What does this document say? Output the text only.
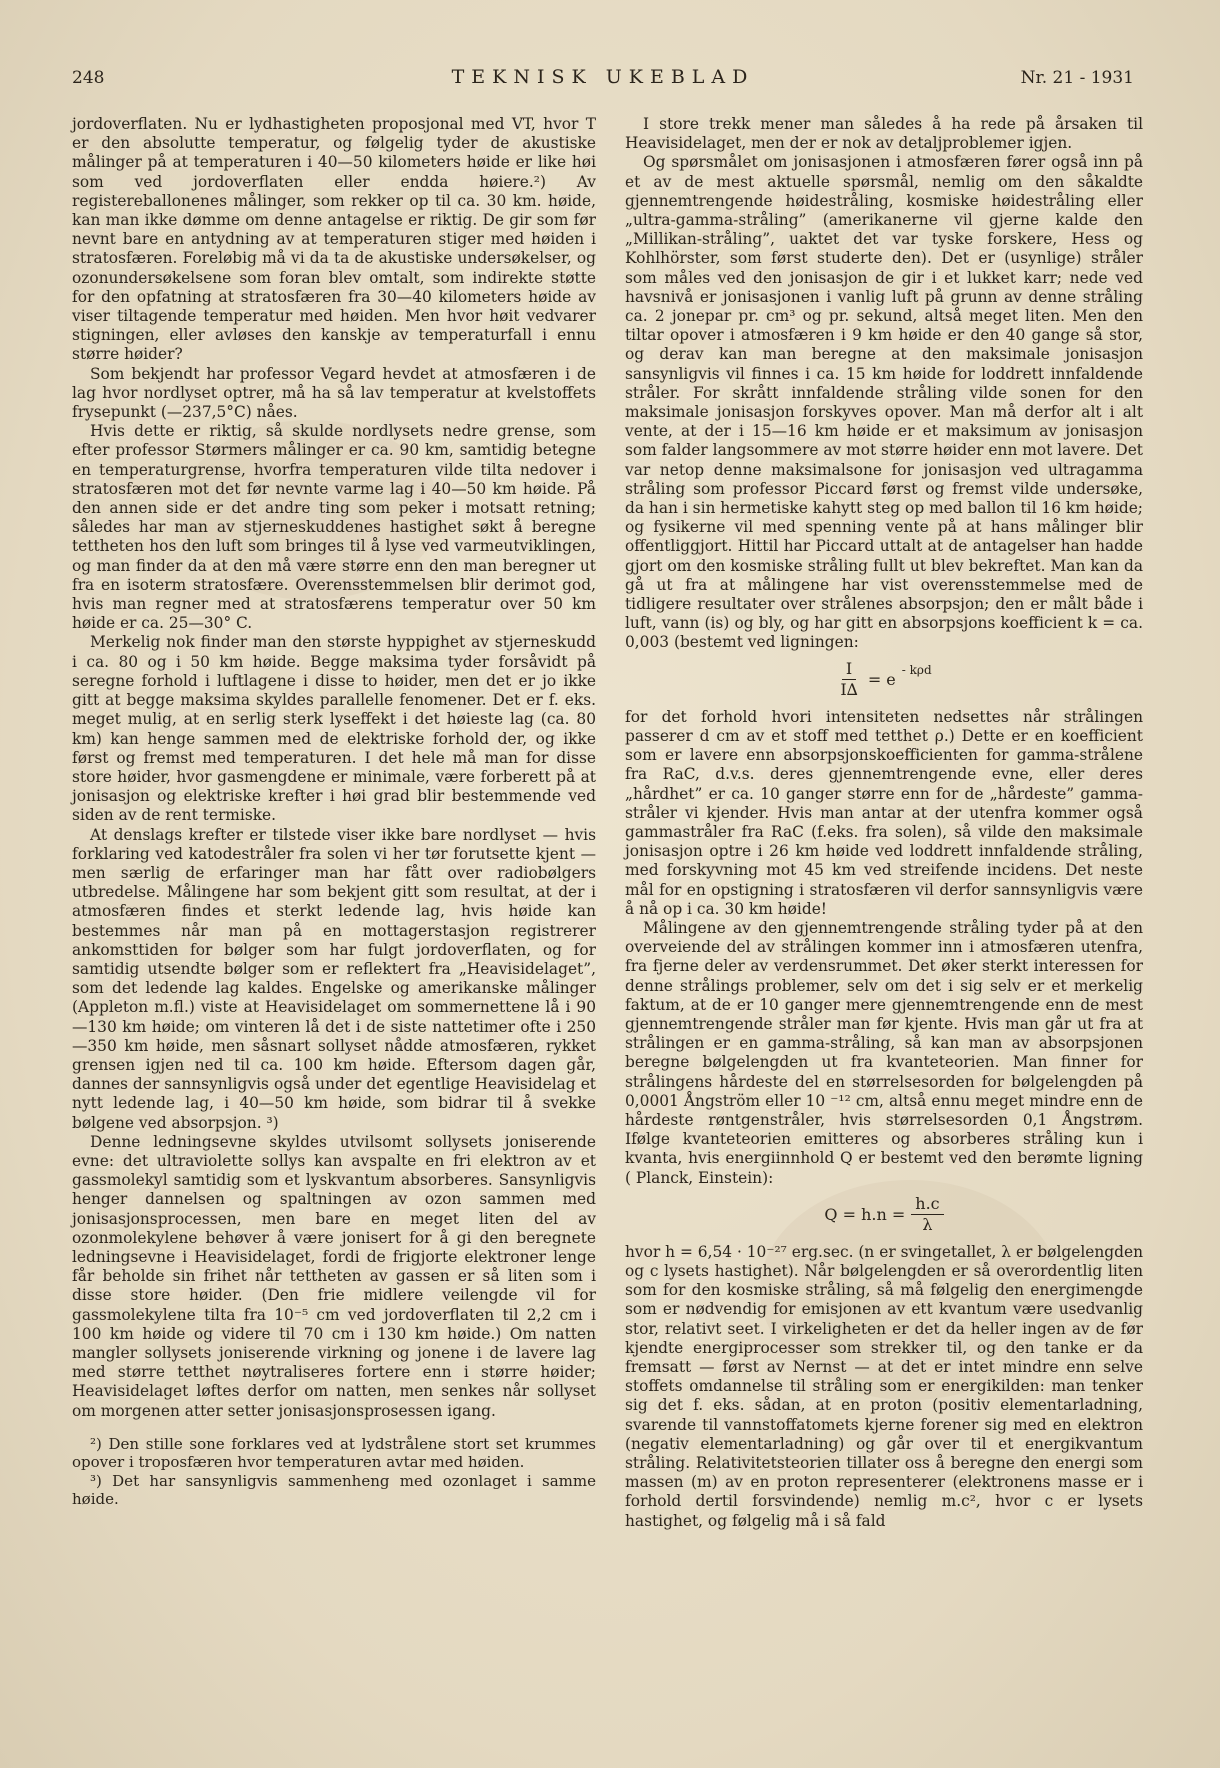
248	TEKNISK UKEBLAD	Nr. 21 - 1931

jordoverflaten. Nu er lydhastigheten proposjonal med VT, hvor T er den absolutte temperatur, og følgelig tyder de akustiske målinger på at temperaturen i 40—50 kilometers høide er like høi som ved jordoverflaten eller endda høiere.²) Av registereballonenes målinger, som rekker op til ca. 30 km. høide, kan man ikke dømme om denne antagelse er riktig. De gir som før nevnt bare en antydning av at temperaturen stiger med høiden i stratosfæren. Foreløbig må vi da ta de akustiske undersøkelser, og ozonundersøkelsene som foran blev omtalt, som indirekte støtte for den opfatning at stratosfæren fra 30—40 kilometers høide av viser tiltagende temperatur med høiden. Men hvor høit vedvarer stigningen, eller avløses den kanskje av temperaturfall i ennu større høider?

Som bekjendt har professor Vegard hevdet at atmosfæren i de lag hvor nordlyset optrer, må ha så lav temperatur at kvelstoffets frysepunkt (—237,5°C) nåes.

Hvis dette er riktig, så skulde nordlysets nedre grense, som efter professor Størmers målinger er ca. 90 km, samtidig betegne en temperaturgrense, hvorfra temperaturen vilde tilta nedover i stratosfæren mot det før nevnte varme lag i 40—50 km høide. På den annen side er det andre ting som peker i motsatt retning; således har man av stjerneskuddenes hastighet søkt å beregne tettheten hos den luft som bringes til å lyse ved varmeutviklingen, og man finder da at den må være større enn den man beregner ut fra en isoterm stratosfære. Overensstemmelsen blir derimot god, hvis man regner med at stratosfærens temperatur over 50 km høide er ca. 25—30° C.

Merkelig nok finder man den største hyppighet av stjerneskudd i ca. 80 og i 50 km høide. Begge maksima tyder forsåvidt på seregne forhold i luftlagene i disse to høider, men det er jo ikke gitt at begge maksima skyldes parallelle fenomener. Det er f. eks. meget mulig, at en serlig sterk lyseffekt i det høieste lag (ca. 80 km) kan henge sammen med de elektriske forhold der, og ikke først og fremst med temperaturen. I det hele må man for disse store høider, hvor gasmengdene er minimale, være forberett på at jonisasjon og elektriske krefter i høi grad blir bestemmende ved siden av de rent termiske.

At denslags krefter er tilstede viser ikke bare nordlyset — hvis forklaring ved katodestråler fra solen vi her tør forutsette kjent — men særlig de erfaringer man har fått over radiobølgers utbredelse. Målingene har som bekjent gitt som resultat, at der i atmosfæren findes et sterkt ledende lag, hvis høide kan bestemmes når man på en mottagerstasjon registrerer ankomsttiden for bølger som har fulgt jordoverflaten, og for samtidig utsendte bølger som er reflektert fra „Heavisidelaget”, som det ledende lag kaldes. Engelske og amerikanske målinger (Appleton m.fl.) viste at Heavisidelaget om sommernettene lå i 90—130 km høide; om vinteren lå det i de siste nattetimer ofte i 250—350 km høide, men såsnart sollyset nådde atmosfæren, rykket grensen igjen ned til ca. 100 km høide. Eftersom dagen går, dannes der sannsynligvis også under det egentlige Heavisidelag et nytt ledende lag, i 40—50 km høide, som bidrar til å svekke bølgene ved absorpsjon. ³)

Denne ledningsevne skyldes utvilsomt sollysets joniserende evne: det ultraviolette sollys kan avspalte en fri elektron av et gassmolekyl samtidig som et lyskvantum absorberes. Sansynligvis henger dannelsen og spaltningen av ozon sammen med jonisasjonsprocessen, men bare en meget liten del av ozonmolekylene behøver å være jonisert for å gi den beregnete ledningsevne i Heavisidelaget, fordi de frigjorte elektroner lenge får beholde sin frihet når tettheten av gassen er så liten som i disse store høider. (Den frie midlere veilengde vil for gassmolekylene tilta fra 10⁻⁵ cm ved jordoverflaten til 2,2 cm i 100 km høide og videre til 70 cm i 130 km høide.) Om natten mangler sollysets joniserende virkning og jonene i de lavere lag med større tetthet nøytraliseres fortere enn i større høider; Heavisidelaget løftes derfor om natten, men senkes når sollyset om morgenen atter setter jonisasjonsprosessen igang.

²) Den stille sone forklares ved at lydstrålene stort set krummes opover i troposfæren hvor temperaturen avtar med høiden.

³) Det har sansynligvis sammenheng med ozonlaget i samme høide.

I store trekk mener man således å ha rede på årsaken til Heavisidelaget, men der er nok av detaljproblemer igjen.

Og spørsmålet om jonisasjonen i atmosfæren fører også inn på et av de mest aktuelle spørsmål, nemlig om den såkaldte gjennemtrengende høidestråling, kosmiske høidestråling eller „ultra-gamma-stråling” (amerikanerne vil gjerne kalde den „Millikan-stråling”, uaktet det var tyske forskere, Hess og Kohlhörster, som først studerte den). Det er (usynlige) stråler som måles ved den jonisasjon de gir i et lukket karr; nede ved havsnivå er jonisasjonen i vanlig luft på grunn av denne stråling ca. 2 jonepar pr. cm³ og pr. sekund, altså meget liten. Men den tiltar opover i atmosfæren i 9 km høide er den 40 gange så stor, og derav kan man beregne at den maksimale jonisasjon sansynligvis vil finnes i ca. 15 km høide for loddrett innfaldende stråler. For skrått innfaldende stråling vilde sonen for den maksimale jonisasjon forskyves opover. Man må derfor alt i alt vente, at der i 15—16 km høide er et maksimum av jonisasjon som falder langsommere av mot større høider enn mot lavere. Det var netop denne maksimalsone for jonisasjon ved ultragamma stråling som professor Piccard først og fremst vilde undersøke, da han i sin hermetiske kahytt steg op med ballon til 16 km høide; og fysikerne vil med spenning vente på at hans målinger blir offentliggjort. Hittil har Piccard uttalt at de antagelser han hadde gjort om den kosmiske stråling fullt ut blev bekreftet. Man kan da gå ut fra at målingene har vist overensstemmelse med de tidligere resultater over strålenes absorpsjon; den er målt både i luft, vann (is) og bly, og har gitt en absorpsjons koefficient k = ca. 0,003 (bestemt ved ligningen:

$\frac{I}{I\Delta} = e - k\rho d$

for det forhold hvori intensiteten nedsettes når strålingen passerer d cm av et stoff med tetthet ρ.) Dette er en koefficient som er lavere enn absorpsjonskoefficienten for gamma-strålene fra RaC, d.v.s. deres gjennemtrengende evne, eller deres „hårdhet” er ca. 10 ganger større enn for de „hårdeste” gamma-stråler vi kjender. Hvis man antar at der utenfra kommer også gammastråler fra RaC (f.eks. fra solen), så vilde den maksimale jonisasjon optre i 26 km høide ved loddrett innfaldende stråling, med forskyvning mot 45 km ved streifende incidens. Det neste mål for en opstigning i stratosfæren vil derfor sannsynligvis være å nå op i ca. 30 km høide!

Målingene av den gjennemtrengende stråling tyder på at den overveiende del av strålingen kommer inn i atmosfæren utenfra, fra fjerne deler av verdensrummet. Det øker sterkt interessen for denne strålings problemer, selv om det i sig selv er et merkelig faktum, at de er 10 ganger mere gjennemtrengende enn de mest gjennemtrengende stråler man før kjente. Hvis man går ut fra at strålingen er en gamma-stråling, så kan man av absorpsjonen beregne bølgelengden ut fra kvanteteorien. Man finner for strålingens hårdeste del en størrelsesorden for bølgelengden på 0,0001 Ångström eller 10 ⁻¹² cm, altså ennu meget mindre enn de hårdeste røntgenstråler, hvis størrelsesorden 0,1 Ångstrøm. Ifølge kvanteteorien emitteres og absorberes stråling kun i kvanta, hvis energiinnhold Q er bestemt ved den berømte ligning ( Planck, Einstein):

$Q = h.n = \frac{h.c}{\lambda}$

hvor h = 6,54 · 10⁻²⁷ erg.sec. (n er svingetallet, λ er bølgelengden og c lysets hastighet). Når bølgelengden er så overordentlig liten som for den kosmiske stråling, så må følgelig den energimengde som er nødvendig for emisjonen av ett kvantum være usedvanlig stor, relativt seet. I virkeligheten er det da heller ingen av de før kjendte energiprocesser som strekker til, og den tanke er da fremsatt — først av Nernst — at det er intet mindre enn selve stoffets omdannelse til stråling som er energikilden: man tenker sig det f. eks. sådan, at en proton (positiv elementarladning, svarende til vannstoffatomets kjerne forener sig med en elektron (negativ elementarladning) og går over til et energikvantum stråling. Relativitetsteorien tillater oss å beregne den energi som massen (m) av en proton representerer (elektronens masse er i forhold dertil forsvindende) nemlig m.c², hvor c er lysets hastighet, og følgelig må i så fald
